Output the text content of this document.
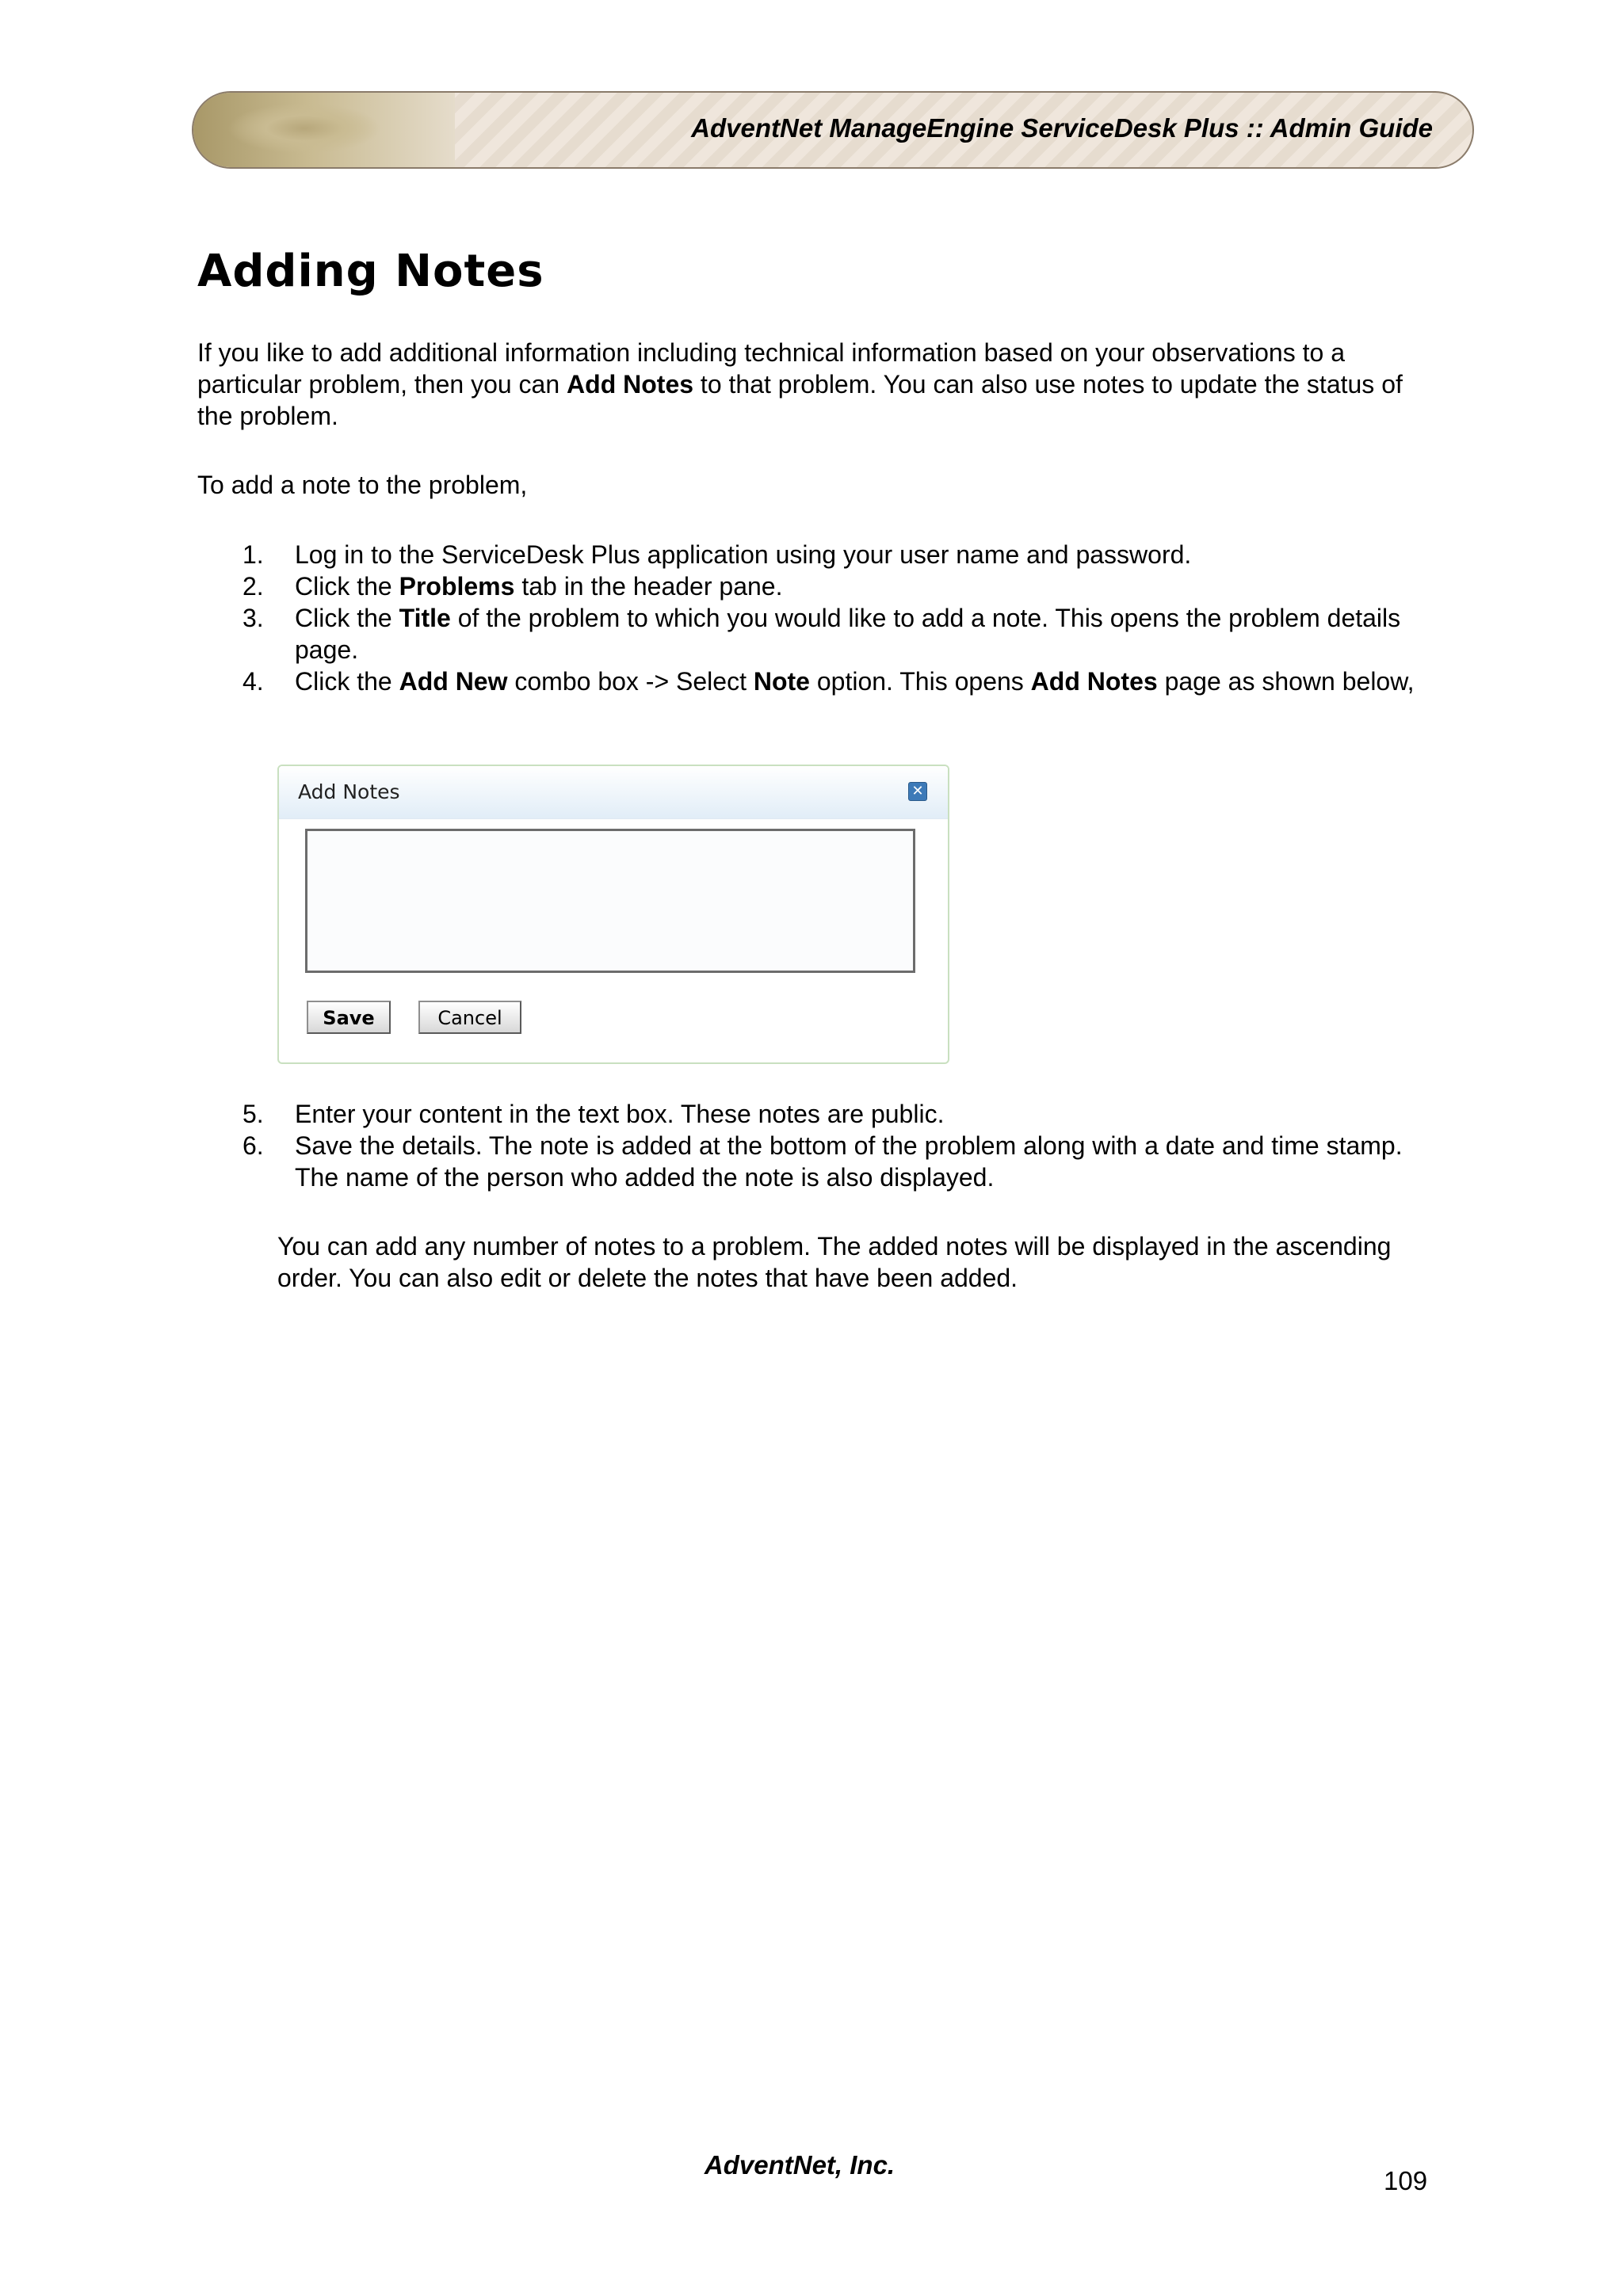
AdventNet ManageEngine ServiceDesk Plus :: Admin Guide
Adding Notes

If you like to add additional information including technical information based on your observations to a particular problem, then you can Add Notes to that problem. You can also use notes to update the status of the problem.

To add a note to the problem,

1. Log in to the ServiceDesk Plus application using your user name and password.
2. Click the Problems tab in the header pane.
3. Click the Title of the problem to which you would like to add a note. This opens the problem details page.
4. Click the Add New combo box -> Select Note option. This opens Add Notes page as shown below,
Add Notes	✕
Save	Cancel
5. Enter your content in the text box. These notes are public.
6. Save the details. The note is added at the bottom of the problem along with a date and time stamp. The name of the person who added the note is also displayed.

You can add any number of notes to a problem. The added notes will be displayed in the ascending order. You can also edit or delete the notes that have been added.

AdventNet, Inc.
109
